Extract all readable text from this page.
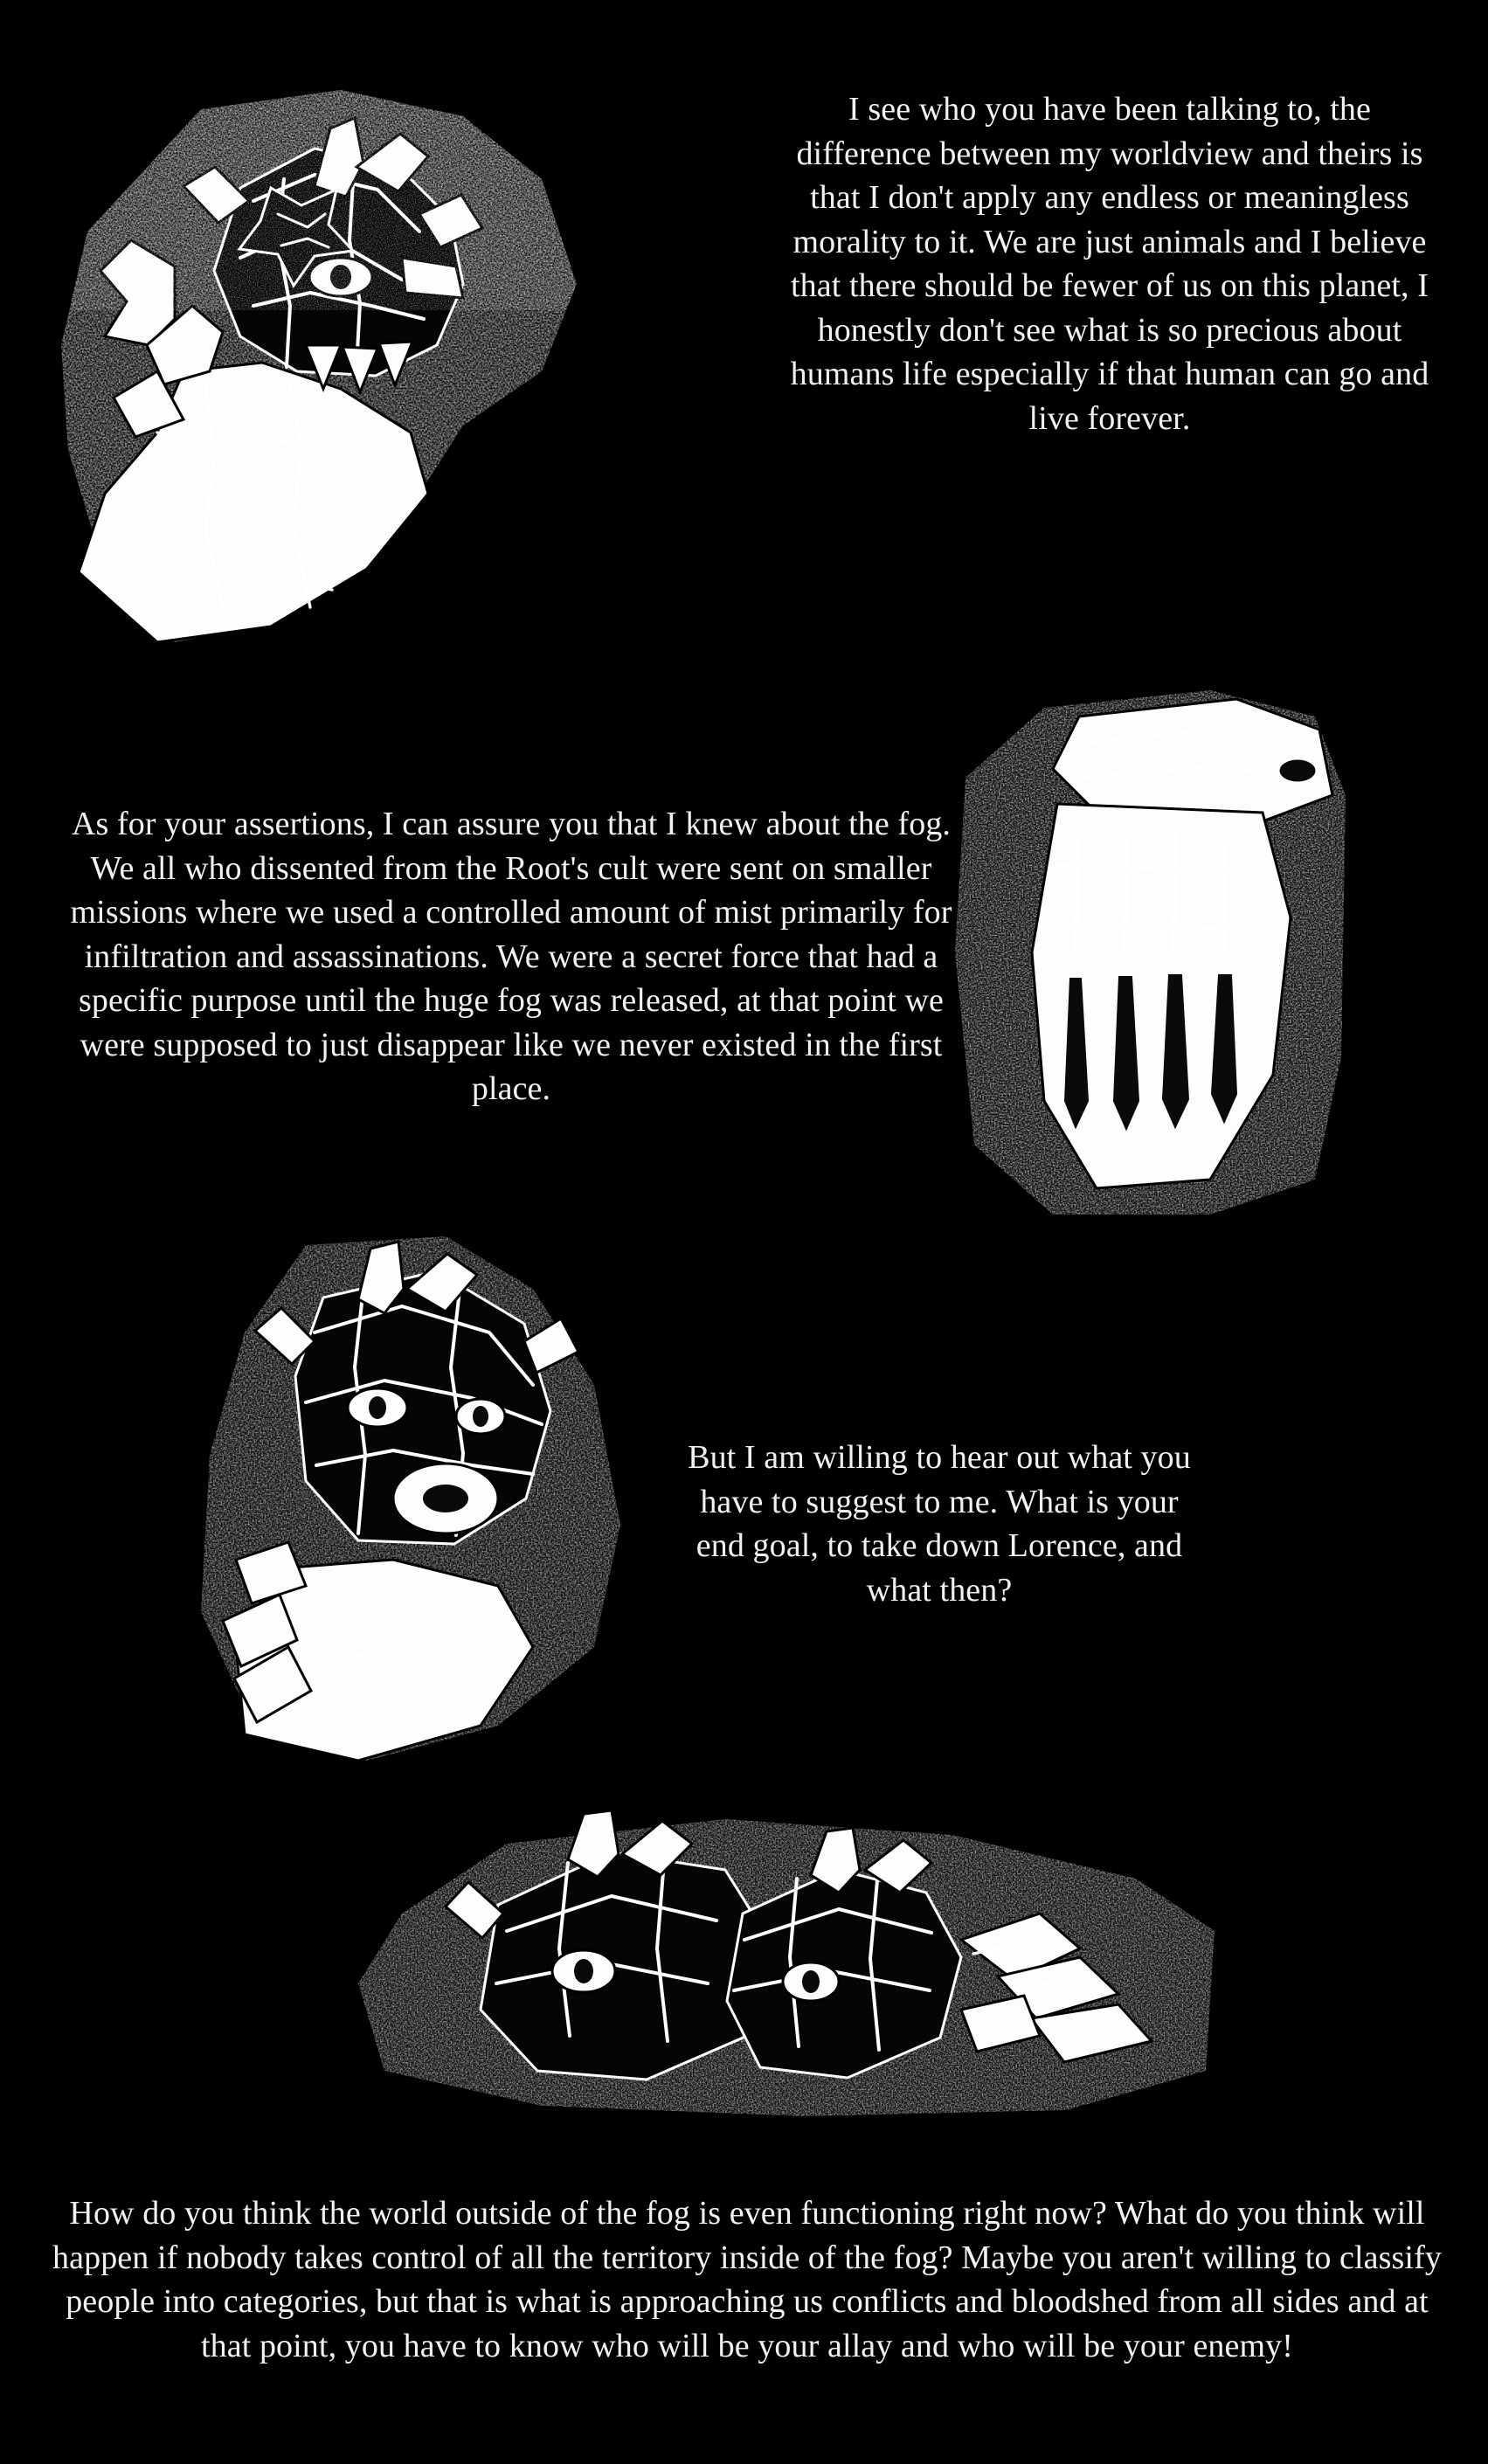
I see who you have been talking to, the difference between my worldview and theirs is that I don't apply any endless or meaningless morality to it. We are just animals and I believe that there should be fewer of us on this planet, I honestly don't see what is so precious about humans life especially if that human can go and live forever.

As for your assertions, I can assure you that I knew about the fog. We all who dissented from the Root's cult were sent on smaller missions where we used a controlled amount of mist primarily for infiltration and assassinations. We were a secret force that had a specific purpose until the huge fog was released, at that point we were supposed to just disappear like we never existed in the first place.

But I am willing to hear out what you have to suggest to me. What is your end goal, to take down Lorence, and what then?

How do you think the world outside of the fog is even functioning right now? What do you think will happen if nobody takes control of all the territory inside of the fog? Maybe you aren't willing to classify people into categories, but that is what is approaching us conflicts and bloodshed from all sides and at that point, you have to know who will be your allay and who will be your enemy!
